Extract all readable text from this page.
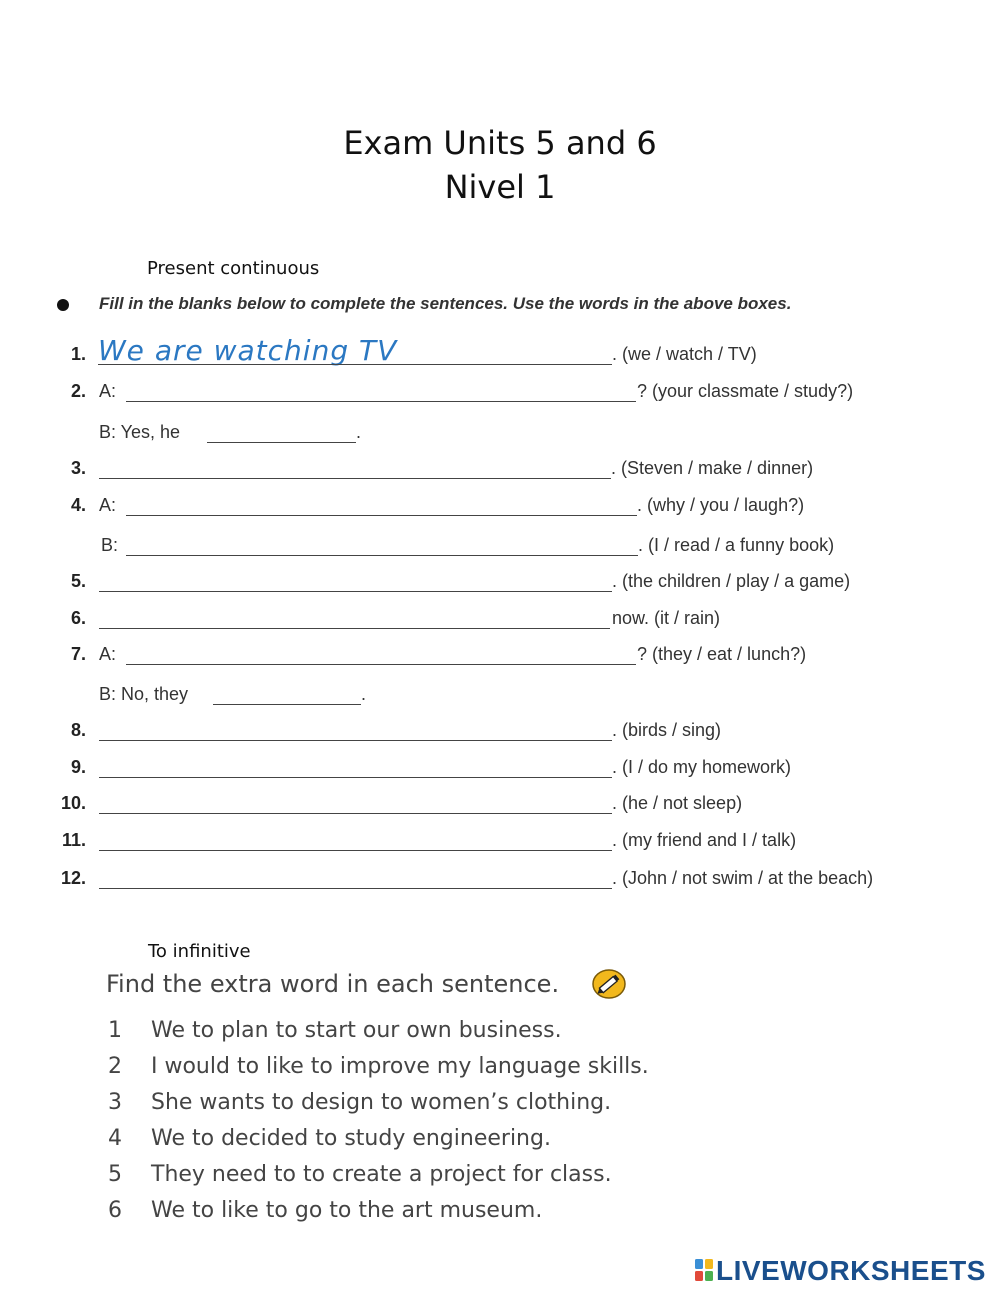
Exam Units 5 and 6
Nivel 1
Present continuous
Fill in the blanks below to complete the sentences. Use the words in the above boxes.
1. We are watching TV	. (we / watch / TV)
2. A:	? (your classmate / study?)
B: Yes, he	.
3.	. (Steven / make / dinner)
4. A:	. (why / you / laugh?)
B:	. (I / read / a funny book)
5.	. (the children / play / a game)
6.	now. (it / rain)
7. A:	? (they / eat / lunch?)
B: No, they	.
8.	. (birds / sing)
9.	. (I / do my homework)
10.	. (he / not sleep)
11.	. (my friend and I / talk)
12.	. (John / not swim / at the beach)
To infinitive
Find the extra word in each sentence.
1	We to plan to start our own business.
2	I would to like to improve my language skills.
3	She wants to design to women’s clothing.
4	We to decided to study engineering.
5	They need to to create a project for class.
6	We to like to go to the art museum.
LIVEWORKSHEETS
